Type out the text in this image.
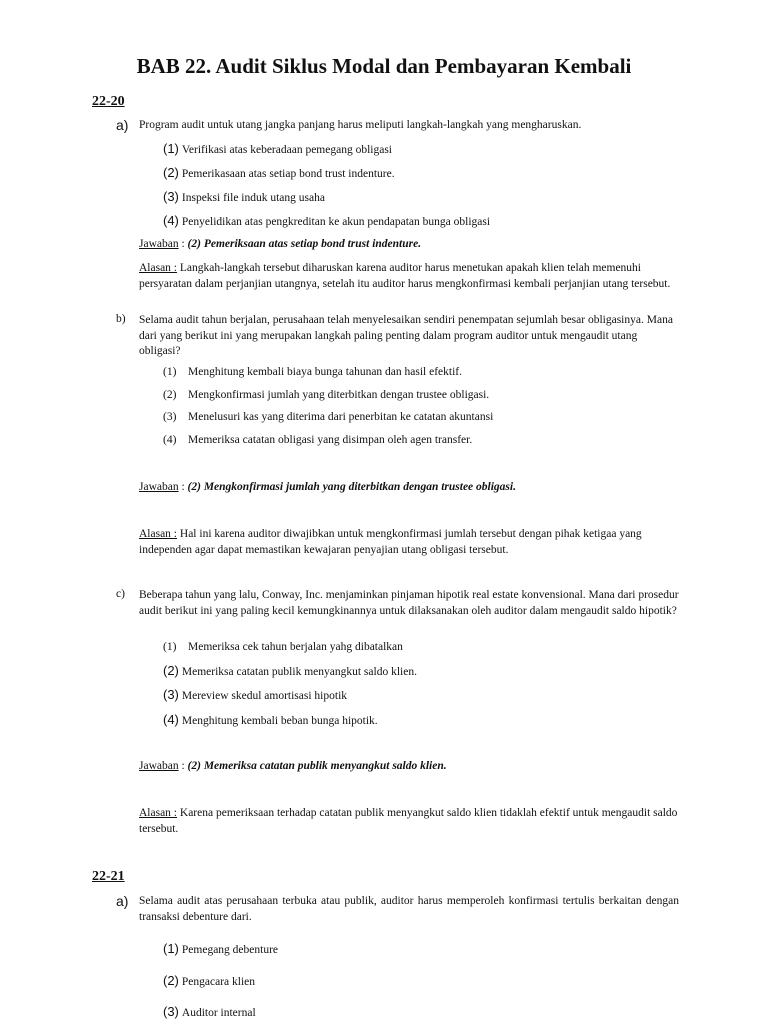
BAB 22. Audit Siklus Modal dan Pembayaran Kembali
22-20
a) Program audit untuk utang jangka panjang harus meliputi langkah-langkah yang mengharuskan.
(1) Verifikasi atas keberadaan pemegang obligasi
(2) Pemerikasaan atas setiap bond trust indenture.
(3) Inspeksi file induk utang usaha
(4) Penyelidikan atas pengkreditan ke akun pendapatan bunga obligasi
Jawaban : (2) Pemeriksaan atas setiap bond trust indenture.
Alasan : Langkah-langkah tersebut diharuskan karena auditor harus menetukan apakah klien telah memenuhi persyaratan dalam perjanjian utangnya, setelah itu auditor harus mengkonfirmasi kembali perjanjian utang tersebut.
b) Selama audit tahun berjalan, perusahaan telah menyelesaikan sendiri penempatan sejumlah besar obligasinya. Mana dari yang berikut ini yang merupakan langkah paling penting dalam program auditor untuk mengaudit utang obligasi?
(1) Menghitung kembali biaya bunga tahunan dan hasil efektif.
(2) Mengkonfirmasi jumlah yang diterbitkan dengan trustee obligasi.
(3) Menelusuri kas yang diterima dari penerbitan ke catatan akuntansi
(4) Memeriksa catatan obligasi yang disimpan oleh agen transfer.
Jawaban : (2) Mengkonfirmasi jumlah yang diterbitkan dengan trustee obligasi.
Alasan : Hal ini karena auditor diwajibkan untuk mengkonfirmasi jumlah tersebut dengan pihak ketigaa yang independen agar dapat memastikan kewajaran penyajian utang obligasi tersebut.
c) Beberapa tahun yang lalu, Conway, Inc. menjaminkan pinjaman hipotik real estate konvensional. Mana dari prosedur audit berikut ini yang paling kecil kemungkinannya untuk dilaksanakan oleh auditor dalam mengaudit saldo hipotik?
(1) Memeriksa cek tahun berjalan yahg dibatalkan
(2) Memeriksa catatan publik menyangkut saldo klien.
(3) Mereview skedul amortisasi hipotik
(4) Menghitung kembali beban bunga hipotik.
Jawaban : (2) Memeriksa catatan publik menyangkut saldo klien.
Alasan : Karena pemeriksaan terhadap catatan publik menyangkut saldo klien tidaklah efektif untuk mengaudit saldo tersebut.
22-21
a) Selama audit atas perusahaan terbuka atau publik, auditor harus memperoleh konfirmasi tertulis berkaitan dengan transaksi debenture dari.
(1) Pemegang debenture
(2) Pengacara klien
(3) Auditor internal
